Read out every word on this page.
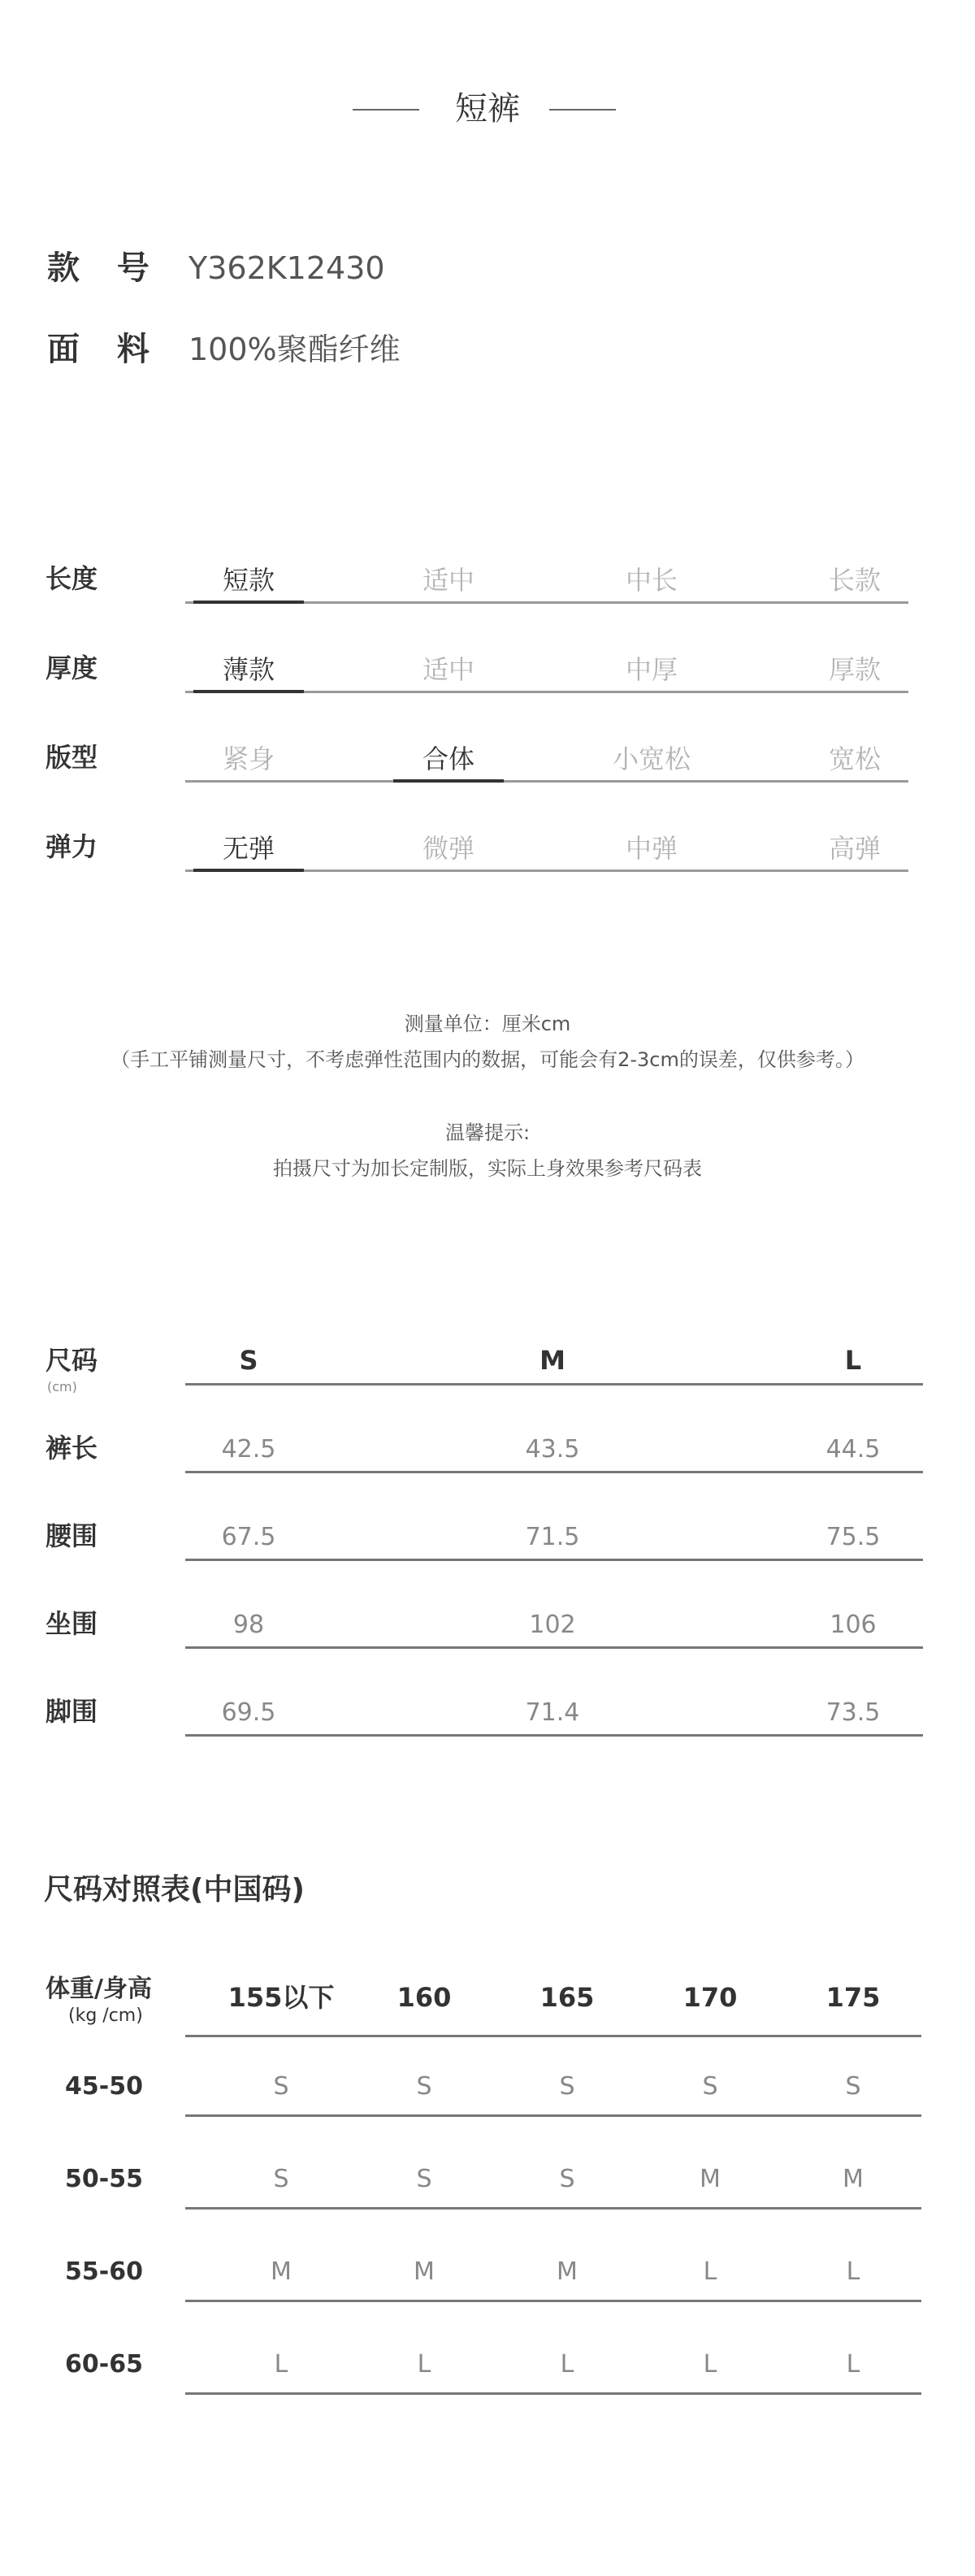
短裤
款 号 Y362K12430
面 料 100%聚酯纤维
长度	短款	适中	中长	长款
厚度	薄款	适中	中厚	厚款
版型	紧身	合体	小宽松	宽松
弹力	无弹	微弹	中弹	高弹
测量单位：厘米cm
（手工平铺测量尺寸，不考虑弹性范围内的数据，可能会有2-3cm的误差，仅供参考。）
温馨提示:
拍摄尺寸为加长定制版，实际上身效果参考尺码表
尺码
(cm)
S	M	L
裤长	42.5	43.5	44.5
腰围	67.5	71.5	75.5
坐围	98	102	106
脚围	69.5	71.4	73.5
尺码对照表(中国码)
体重/身高
(kg /cm)
155以下	160	165	170	175
45-50	S	S	S	S	S
50-55	S	S	S	M	M
55-60	M	M	M	L	L
60-65	L	L	L	L	L
